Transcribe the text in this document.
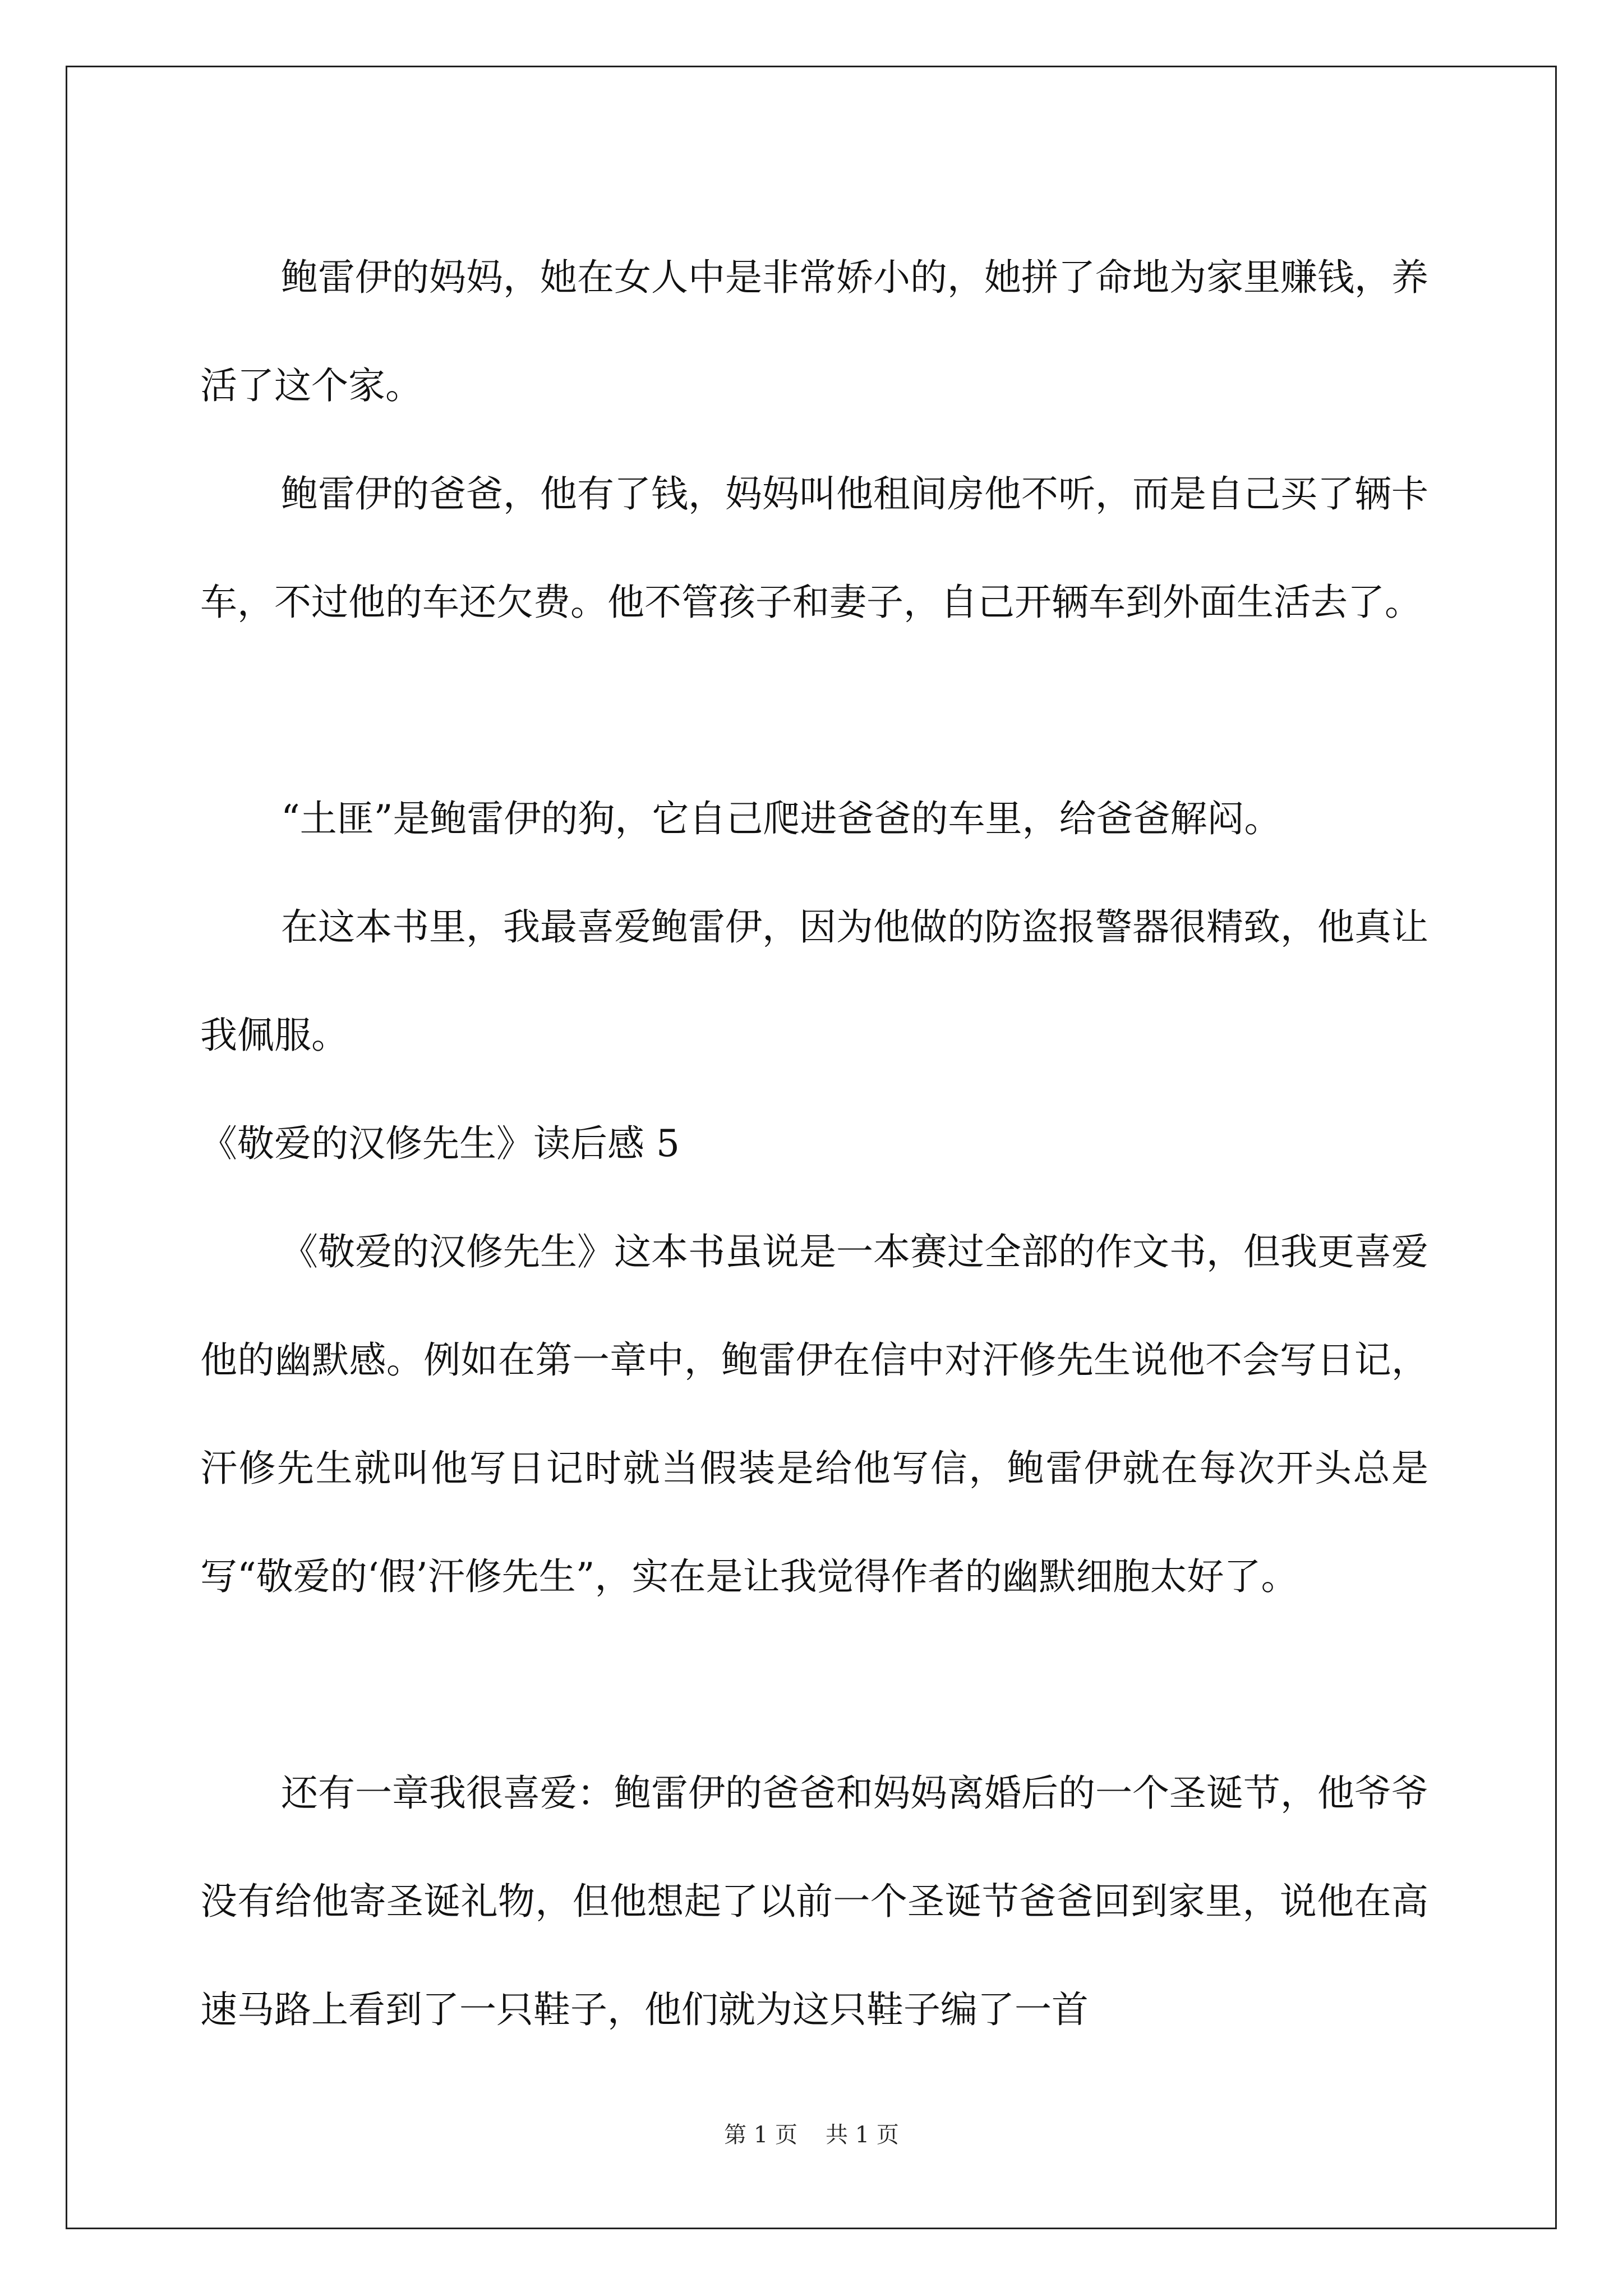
鲍雷伊的妈妈，她在女人中是非常娇小的，她拼了命地为家里赚钱，养活了这个家。

鲍雷伊的爸爸，他有了钱，妈妈叫他租间房他不听，而是自己买了辆卡车，不过他的车还欠费。他不管孩子和妻子，自己开辆车到外面生活去了。

“土匪”是鲍雷伊的狗，它自己爬进爸爸的车里，给爸爸解闷。

在这本书里，我最喜爱鲍雷伊，因为他做的防盗报警器很精致，他真让我佩服。

《敬爱的汉修先生》读后感 5

《敬爱的汉修先生》这本书虽说是一本赛过全部的作文书，但我更喜爱他的幽默感。例如在第一章中，鲍雷伊在信中对汗修先生说他不会写日记，汗修先生就叫他写日记时就当假装是给他写信，鲍雷伊就在每次开头总是写“敬爱的‘假’汗修先生”，实在是让我觉得作者的幽默细胞太好了。

还有一章我很喜爱：鲍雷伊的爸爸和妈妈离婚后的一个圣诞节，他爷爷没有给他寄圣诞礼物，但他想起了以前一个圣诞节爸爸回到家里，说他在高速马路上看到了一只鞋子，他们就为这只鞋子编了一首

第 1 页 共 1 页
